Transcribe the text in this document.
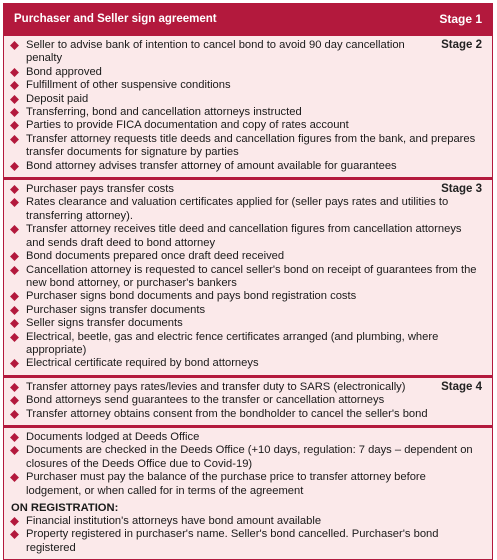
Purchaser and Seller sign agreement	Stage 1
Stage 2
Seller to advise bank of intention to cancel bond to avoid 90 day cancellation penalty
Bond approved
Fulfillment of other suspensive conditions
Deposit paid
Transferring, bond and cancellation attorneys instructed
Parties to provide FICA documentation and copy of rates account
Transfer attorney requests title deeds and cancellation figures from the bank, and prepares transfer documents for signature by parties
Bond attorney advises transfer attorney of amount available for guarantees
Stage 3
Purchaser pays transfer costs
Rates clearance and valuation certificates applied for (seller pays rates and utilities to transferring attorney).
Transfer attorney receives title deed and cancellation figures from cancellation attorneys and sends draft deed to bond attorney
Bond documents prepared once draft deed received
Cancellation attorney is requested to cancel seller's bond on receipt of guarantees from the new bond attorney, or purchaser's bankers
Purchaser signs bond documents and pays bond registration costs
Purchaser signs transfer documents
Seller signs transfer documents
Electrical, beetle, gas and electric fence certificates arranged (and plumbing, where appropriate)
Electrical certificate required by bond attorneys
Stage 4
Transfer attorney pays rates/levies and transfer duty to SARS (electronically)
Bond attorneys send guarantees to the transfer or cancellation attorneys
Transfer attorney obtains consent from the bondholder to cancel the seller's bond
Documents lodged at Deeds Office
Documents are checked in the Deeds Office (+10 days, regulation: 7 days – dependent on closures of the Deeds Office due to Covid-19)
Purchaser must pay the balance of the purchase price to transfer attorney before lodgement, or when called for in terms of the agreement
ON REGISTRATION:
Financial institution's attorneys have bond amount available
Property registered in purchaser's name. Seller's bond cancelled. Purchaser's bond registered
